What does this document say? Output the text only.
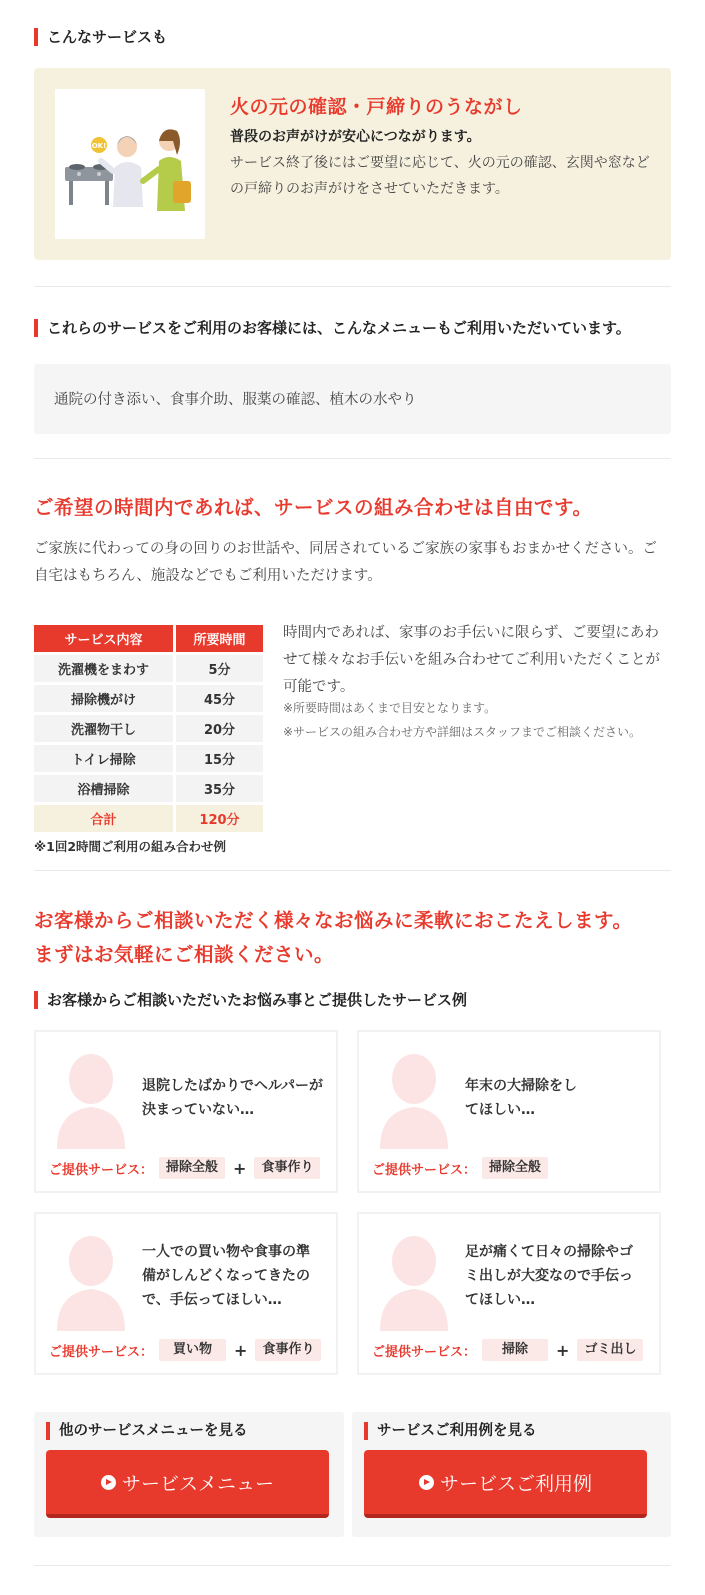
こんなサービスも
OK!
火の元の確認・戸締りのうながし
普段のお声がけが安心につながります。
サービス終了後にはご要望に応じて、火の元の確認、玄関や窓などの戸締りのお声がけをさせていただきます。
これらのサービスをご利用のお客様には、こんなメニューもご利用いただいています。
通院の付き添い、食事介助、服薬の確認、植木の水やり
ご希望の時間内であれば、サービスの組み合わせは自由です。
ご家族に代わっての身の回りのお世話や、同居されているご家族の家事もおまかせください。ご自宅はもちろん、施設などでもご利用いただけます。
サービス内容	所要時間
洗濯機をまわす	5分
掃除機がけ	45分
洗濯物干し	20分
トイレ掃除	15分
浴槽掃除	35分
合計	120分
※1回2時間ご利用の組み合わせ例
時間内であれば、家事のお手伝いに限らず、ご要望にあわせて様々なお手伝いを組み合わせてご利用いただくことが可能です。
※所要時間はあくまで目安となります。
※サービスの組み合わせ方や詳細はスタッフまでご相談ください。
お客様からご相談いただく様々なお悩みに柔軟におこたえします。
まずはお気軽にご相談ください。
お客様からご相談いただいたお悩み事とご提供したサービス例
退院したばかりでヘルパーが決まっていない…
ご提供サービス：	掃除全般 +	食事作り
年末の大掃除をしてほしい…
ご提供サービス：	掃除全般
一人での買い物や食事の準備がしんどくなってきたので、手伝ってほしい…
ご提供サービス：	買い物	+	食事作り
足が痛くて日々の掃除やゴミ出しが大変なので手伝ってほしい…
ご提供サービス：	掃除	+	ゴミ出し
他のサービスメニューを見る
サービスメニュー
サービスご利用例を見る
サービスご利用例
